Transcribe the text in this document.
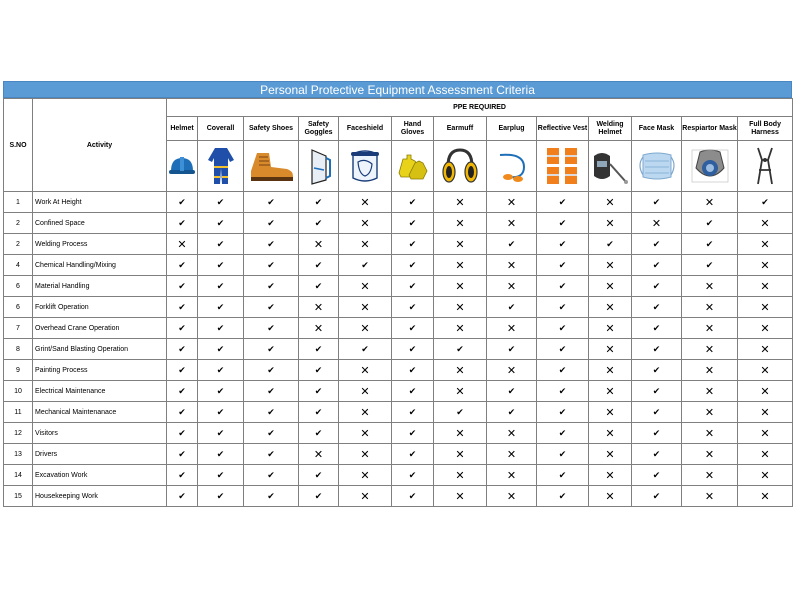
Personal Protective Equipment Assessment Criteria
S.NO	Activity	PPE REQUIRED												
		Helmet	Coverall	Safety Shoes	Safety Goggles	Faceshield	Hand Gloves	Earmuff	Earplug	Reflective Vest	Welding Helmet	Face Mask	Respiartor Mask	Full Body Harness

1	Work At Height	✔	✔	✔	✔	✕	✔	✕	✕	✔	✕	✔	✕	✔
2	Confined Space	✔	✔	✔	✔	✕	✔	✕	✕	✔	✕	✕	✔	✕
2	Welding Process	✕	✔	✔	✕	✕	✔	✕	✔	✔	✔	✔	✔	✕
4	Chemical Handling/Mixing	✔	✔	✔	✔	✔	✔	✕	✕	✔	✕	✔	✔	✕
6	Material Handling	✔	✔	✔	✔	✕	✔	✕	✕	✔	✕	✔	✕	✕
6	Forklift Operation	✔	✔	✔	✕	✕	✔	✕	✔	✔	✕	✔	✕	✕
7	Overhead Crane Operation	✔	✔	✔	✕	✕	✔	✕	✕	✔	✕	✔	✕	✕
8	Grint/Sand Blasting Operation	✔	✔	✔	✔	✔	✔	✔	✔	✔	✕	✔	✕	✕
9	Painting Process	✔	✔	✔	✔	✕	✔	✕	✕	✔	✕	✔	✕	✕
10	Electrical Maintenance	✔	✔	✔	✔	✕	✔	✕	✔	✔	✕	✔	✕	✕
11	Mechanical Maintenanace	✔	✔	✔	✔	✕	✔	✔	✔	✔	✕	✔	✕	✕
12	Visitors	✔	✔	✔	✔	✕	✔	✕	✕	✔	✕	✔	✕	✕
13	Drivers	✔	✔	✔	✕	✕	✔	✕	✕	✔	✕	✔	✕	✕
14	Excavation Work	✔	✔	✔	✔	✕	✔	✕	✕	✔	✕	✔	✕	✕
15	Housekeeping Work	✔	✔	✔	✔	✕	✔	✕	✕	✔	✕	✔	✕	✕
